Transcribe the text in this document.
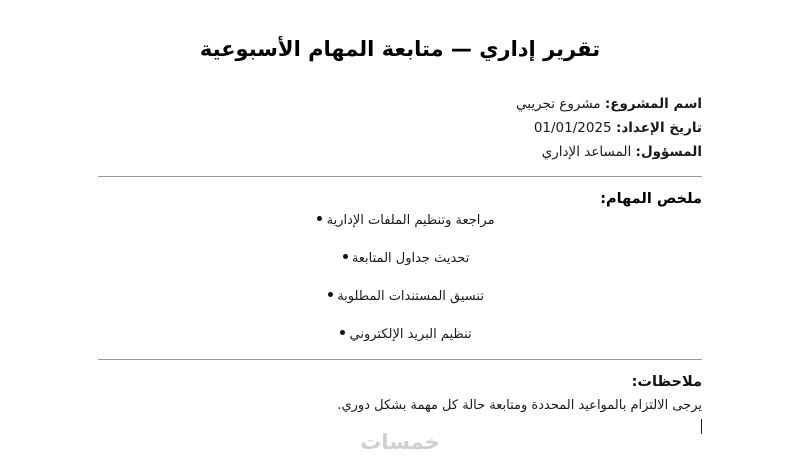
تقرير إداري — متابعة المهام الأسبوعية
اسم المشروع: مشروع تجريبي
تاريخ الإعداد: 01/01/2025
المسؤول: المساعد الإداري
ملخص المهام:
مراجعة وتنظيم الملفات الإدارية
تحديث جداول المتابعة
تنسيق المستندات المطلوبة
تنظيم البريد الإلكتروني
ملاحظات:

يرجى الالتزام بالمواعيد المحددة ومتابعة حالة كل مهمة بشكل دوري.

خمسات
